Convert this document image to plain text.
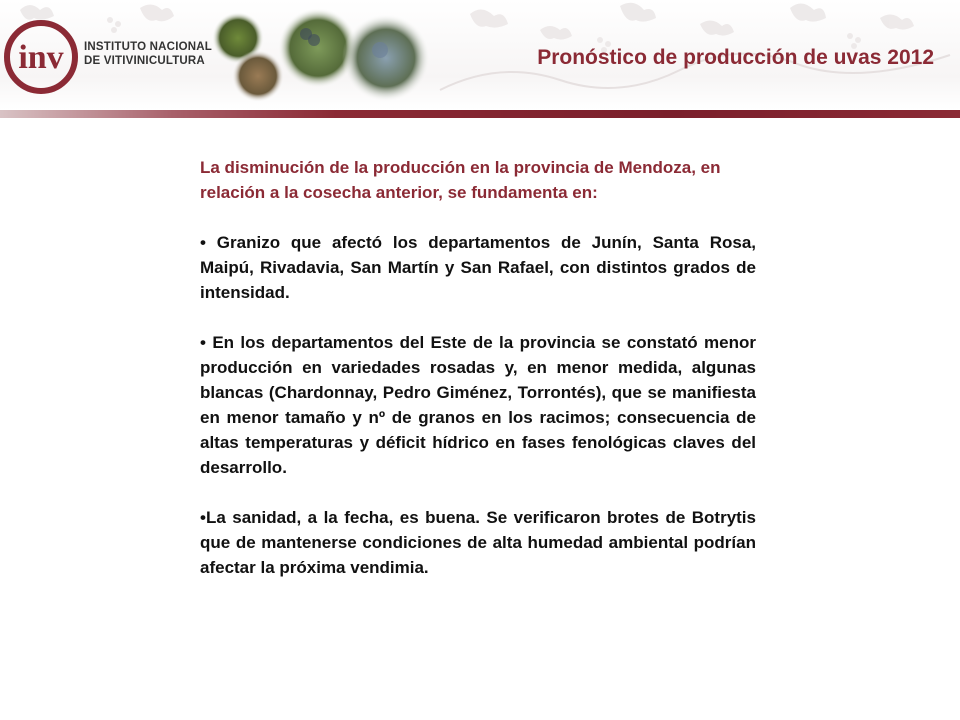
inv INSTITUTO NACIONAL
DE VITIVINICULTURA	Pronóstico de producción de uvas 2012

La disminución de la producción en la provincia de Mendoza, en relación a la cosecha anterior, se fundamenta en:

• Granizo que afectó los departamentos de Junín, Santa Rosa, Maipú, Rivadavia, San Martín y San Rafael, con distintos grados de intensidad.

• En los departamentos del Este de la provincia se constató menor producción en variedades rosadas y, en menor medida, algunas blancas (Chardonnay, Pedro Giménez, Torrontés), que se manifiesta en menor tamaño y nº de granos en los racimos; consecuencia de altas temperaturas y déficit hídrico en fases fenológicas claves del desarrollo.

•La sanidad, a la fecha, es buena. Se verificaron brotes de Botrytis que de mantenerse condiciones de alta humedad ambiental podrían afectar la próxima vendimia.
